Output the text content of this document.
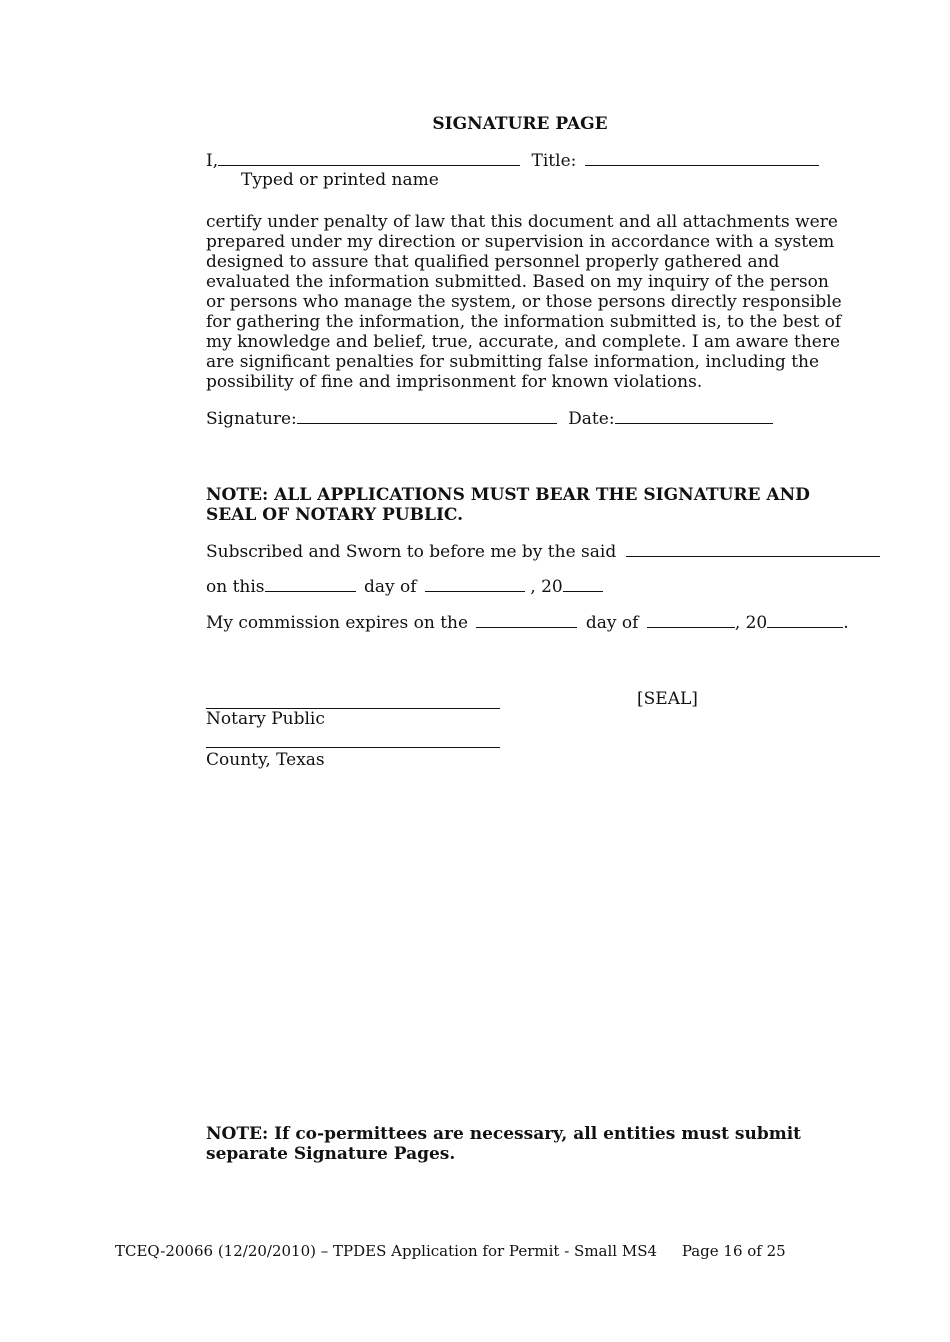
SIGNATURE PAGE
I,	Title:
Typed or printed name
certify under penalty of law that this document and all attachments were prepared under my direction or supervision in accordance with a system designed to assure that qualified personnel properly gathered and evaluated the information submitted. Based on my inquiry of the person or persons who manage the system, or those persons directly responsible for gathering the information, the information submitted is, to the best of my knowledge and belief, true, accurate, and complete. I am aware there are significant penalties for submitting false information, including the possibility of fine and imprisonment for known violations.
Signature:	Date:
NOTE: ALL APPLICATIONS MUST BEAR THE SIGNATURE AND SEAL OF NOTARY PUBLIC.
Subscribed and Sworn to before me by the said
on this	day of	, 20
My commission expires on the	day of	, 20	.
[SEAL]
Notary Public
County, Texas
NOTE: If co-permittees are necessary, all entities must submit separate Signature Pages.
TCEQ-20066 (12/20/2010) – TPDES Application for Permit - Small MS4 Page 16 of 25
